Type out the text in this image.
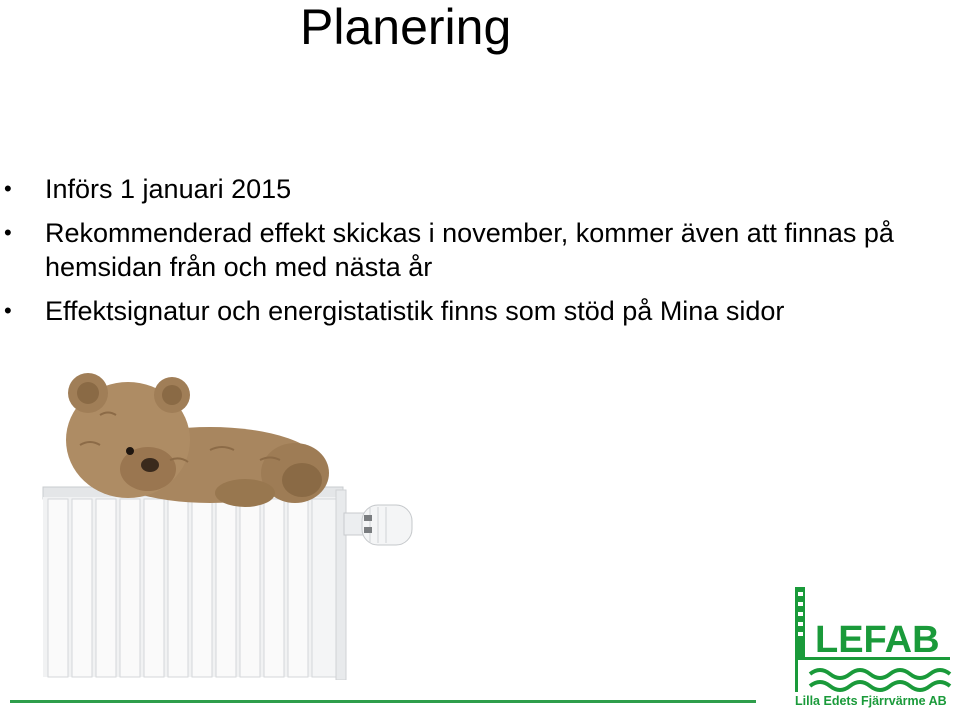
Planering
• Införs 1 januari 2015
• Rekommenderad effekt skickas i november, kommer även att finnas på hemsidan från och med nästa år
• Effektsignatur och energistatistik finns som stöd på Mina sidor
LEFAB
Lilla Edets Fjärrvärme AB
